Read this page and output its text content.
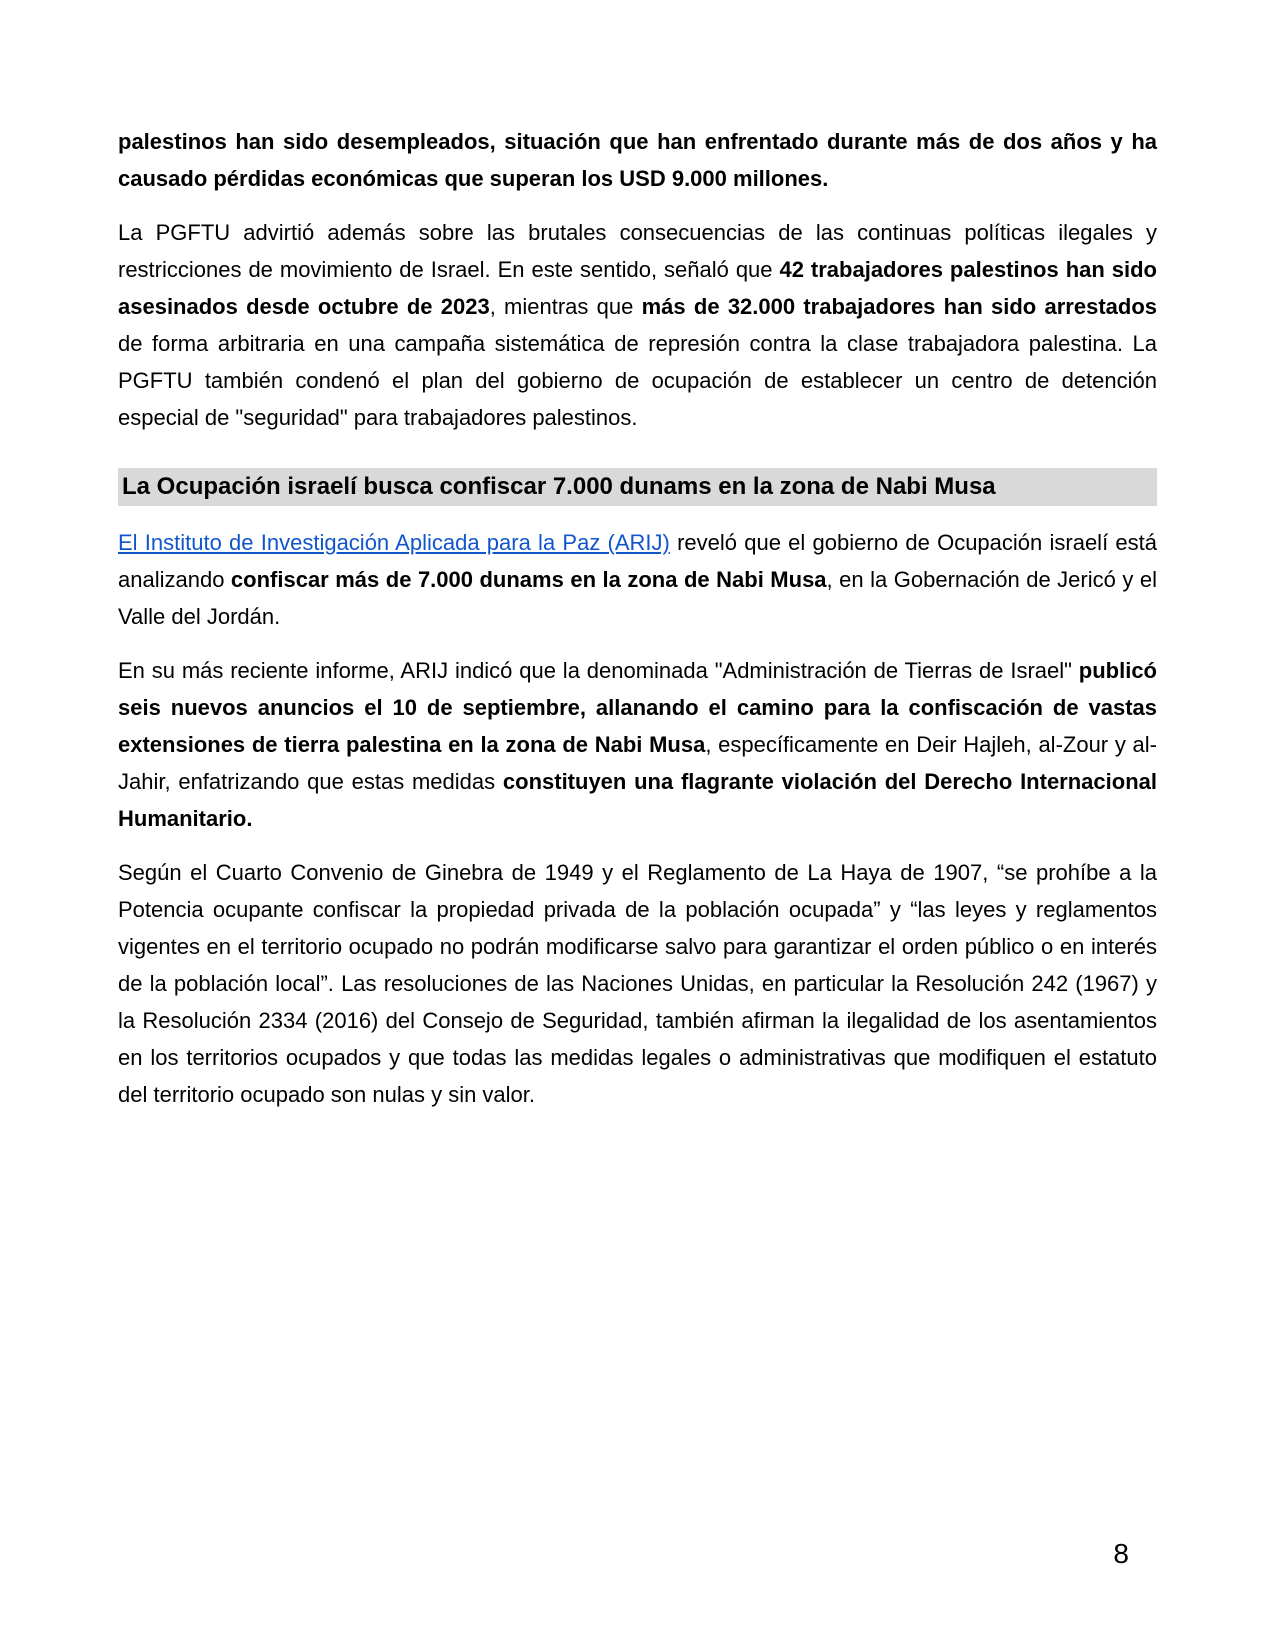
palestinos han sido desempleados, situación que han enfrentado durante más de dos años y ha causado pérdidas económicas que superan los USD 9.000 millones.

La PGFTU advirtió además sobre las brutales consecuencias de las continuas políticas ilegales y restricciones de movimiento de Israel. En este sentido, señaló que 42 trabajadores palestinos han sido asesinados desde octubre de 2023, mientras que más de 32.000 trabajadores han sido arrestados de forma arbitraria en una campaña sistemática de represión contra la clase trabajadora palestina. La PGFTU también condenó el plan del gobierno de ocupación de establecer un centro de detención especial de "seguridad" para trabajadores palestinos.

La Ocupación israelí busca confiscar 7.000 dunams en la zona de Nabi Musa

El Instituto de Investigación Aplicada para la Paz (ARIJ) reveló que el gobierno de Ocupación israelí está analizando confiscar más de 7.000 dunams en la zona de Nabi Musa, en la Gobernación de Jericó y el Valle del Jordán.

En su más reciente informe, ARIJ indicó que la denominada "Administración de Tierras de Israel" publicó seis nuevos anuncios el 10 de septiembre, allanando el camino para la confiscación de vastas extensiones de tierra palestina en la zona de Nabi Musa, específicamente en Deir Hajleh, al-Zour y al-Jahir, enfatrizando que estas medidas constituyen una flagrante violación del Derecho Internacional Humanitario.

Según el Cuarto Convenio de Ginebra de 1949 y el Reglamento de La Haya de 1907, “se prohíbe a la Potencia ocupante confiscar la propiedad privada de la población ocupada” y “las leyes y reglamentos vigentes en el territorio ocupado no podrán modificarse salvo para garantizar el orden público o en interés de la población local”. Las resoluciones de las Naciones Unidas, en particular la Resolución 242 (1967) y la Resolución 2334 (2016) del Consejo de Seguridad, también afirman la ilegalidad de los asentamientos en los territorios ocupados y que todas las medidas legales o administrativas que modifiquen el estatuto del territorio ocupado son nulas y sin valor.

8
